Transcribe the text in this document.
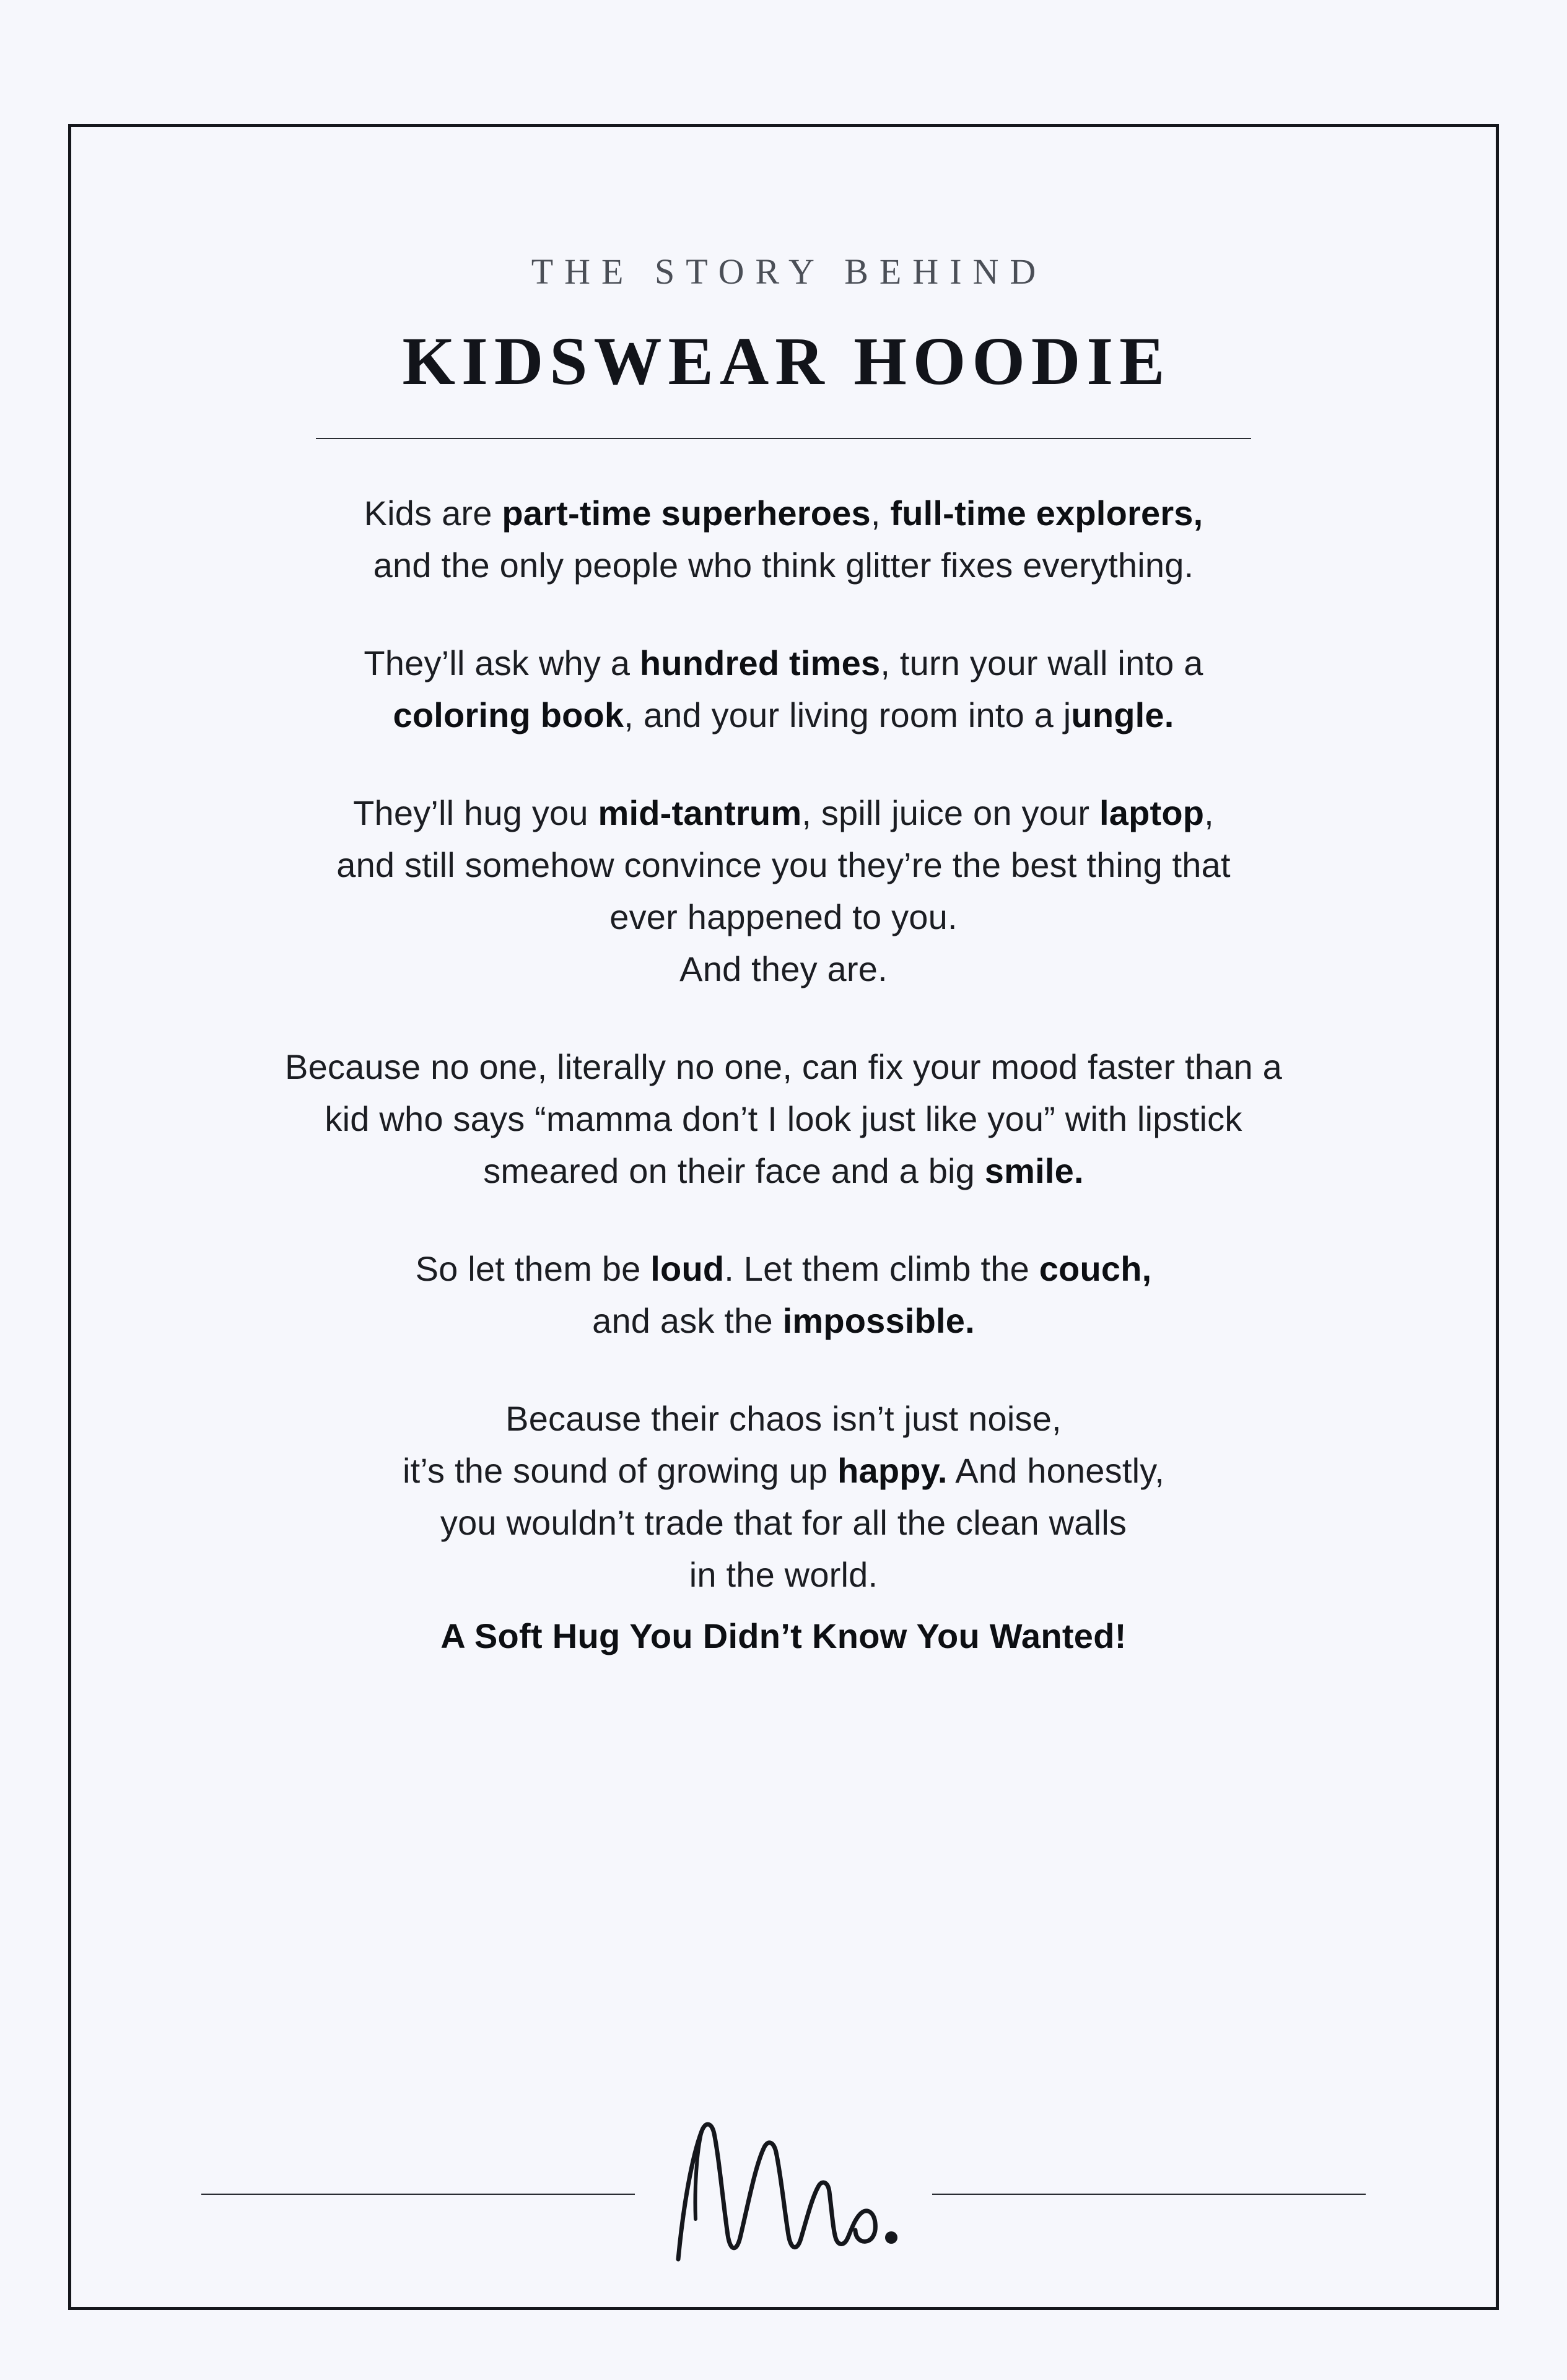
THE STORY BEHIND
KIDSWEAR HOODIE

Kids are part-time superheroes, full-time explorers,
and the only people who think glitter fixes everything.

They’ll ask why a hundred times, turn your wall into a
coloring book, and your living room into a jungle.

They’ll hug you mid-tantrum, spill juice on your laptop,
and still somehow convince you they’re the best thing that
ever happened to you.
And they are.

Because no one, literally no one, can fix your mood faster than a
kid who says “mamma don’t I look just like you” with lipstick
smeared on their face and a big smile.

So let them be loud. Let them climb the couch,
and ask the impossible.

Because their chaos isn’t just noise,
it’s the sound of growing up happy. And honestly,
you wouldn’t trade that for all the clean walls
in the world.

A Soft Hug You Didn’t Know You Wanted!
